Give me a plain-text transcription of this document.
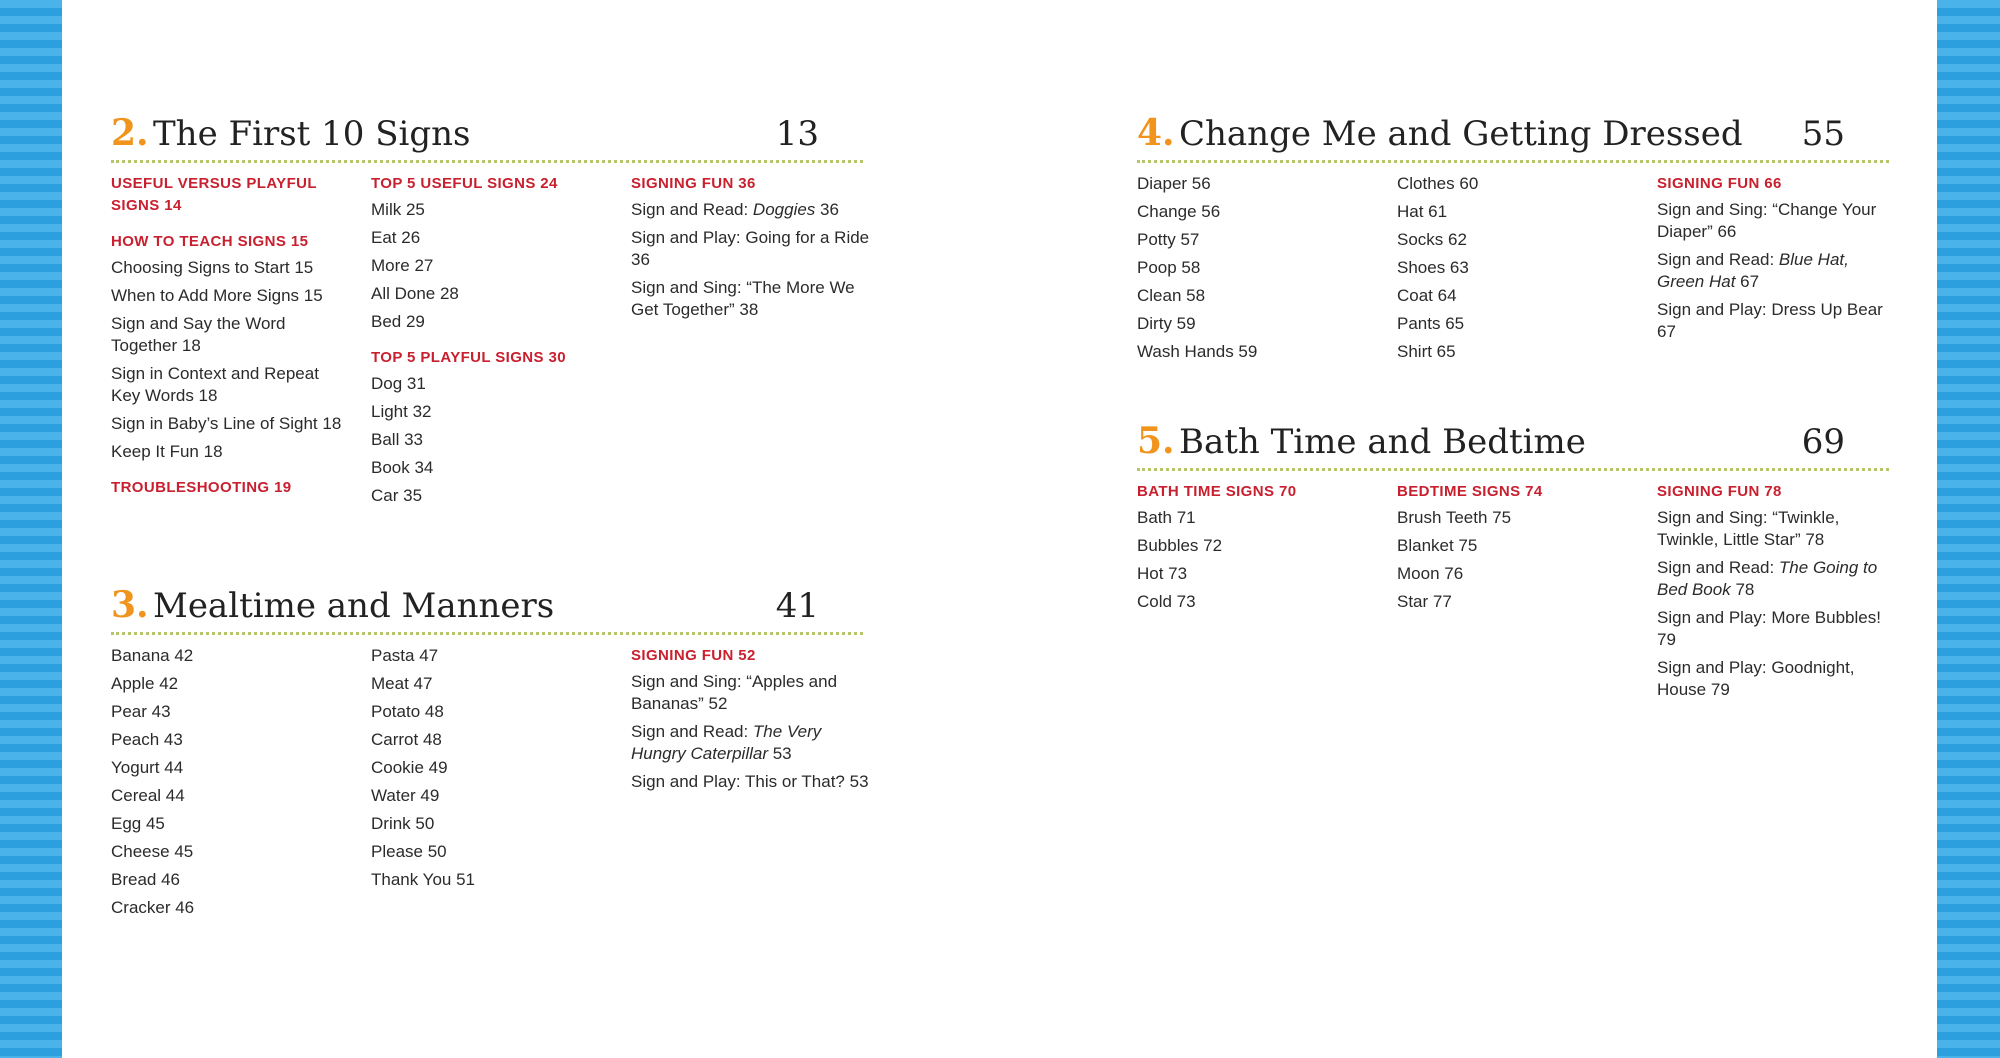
2. The First 10 Signs	13
USEFUL VERSUS PLAYFUL SIGNS 14
HOW TO TEACH SIGNS 15
Choosing Signs to Start 15
When to Add More Signs 15
Sign and Say the Word Together 18
Sign in Context and Repeat Key Words 18
Sign in Baby’s Line of Sight 18
Keep It Fun 18
TROUBLESHOOTING 19
TOP 5 USEFUL SIGNS 24
Milk 25
Eat 26
More 27
All Done 28
Bed 29
TOP 5 PLAYFUL SIGNS 30
Dog 31
Light 32
Ball 33
Book 34
Car 35
SIGNING FUN 36
Sign and Read: Doggies 36
Sign and Play: Going for a Ride 36
Sign and Sing: “The More We Get Together” 38
3. Mealtime and Manners	41
Banana 42
Apple 42
Pear 43
Peach 43
Yogurt 44
Cereal 44
Egg 45
Cheese 45
Bread 46
Cracker 46
Pasta 47
Meat 47
Potato 48
Carrot 48
Cookie 49
Water 49
Drink 50
Please 50
Thank You 51
SIGNING FUN 52
Sign and Sing: “Apples and Bananas” 52
Sign and Read: The Very Hungry Caterpillar 53
Sign and Play: This or That? 53
4. Change Me and Getting Dressed 55
Diaper 56
Change 56
Potty 57
Poop 58
Clean 58
Dirty 59
Wash Hands 59
Clothes 60
Hat 61
Socks 62
Shoes 63
Coat 64
Pants 65
Shirt 65
SIGNING FUN 66
Sign and Sing: “Change Your Diaper” 66
Sign and Read: Blue Hat, Green Hat 67
Sign and Play: Dress Up Bear 67
5. Bath Time and Bedtime	69
BATH TIME SIGNS 70
Bath 71
Bubbles 72
Hot 73
Cold 73
BEDTIME SIGNS 74
Brush Teeth 75
Blanket 75
Moon 76
Star 77
SIGNING FUN 78
Sign and Sing: “Twinkle, Twinkle, Little Star” 78
Sign and Read: The Going to Bed Book 78
Sign and Play: More Bubbles! 79
Sign and Play: Goodnight, House 79
